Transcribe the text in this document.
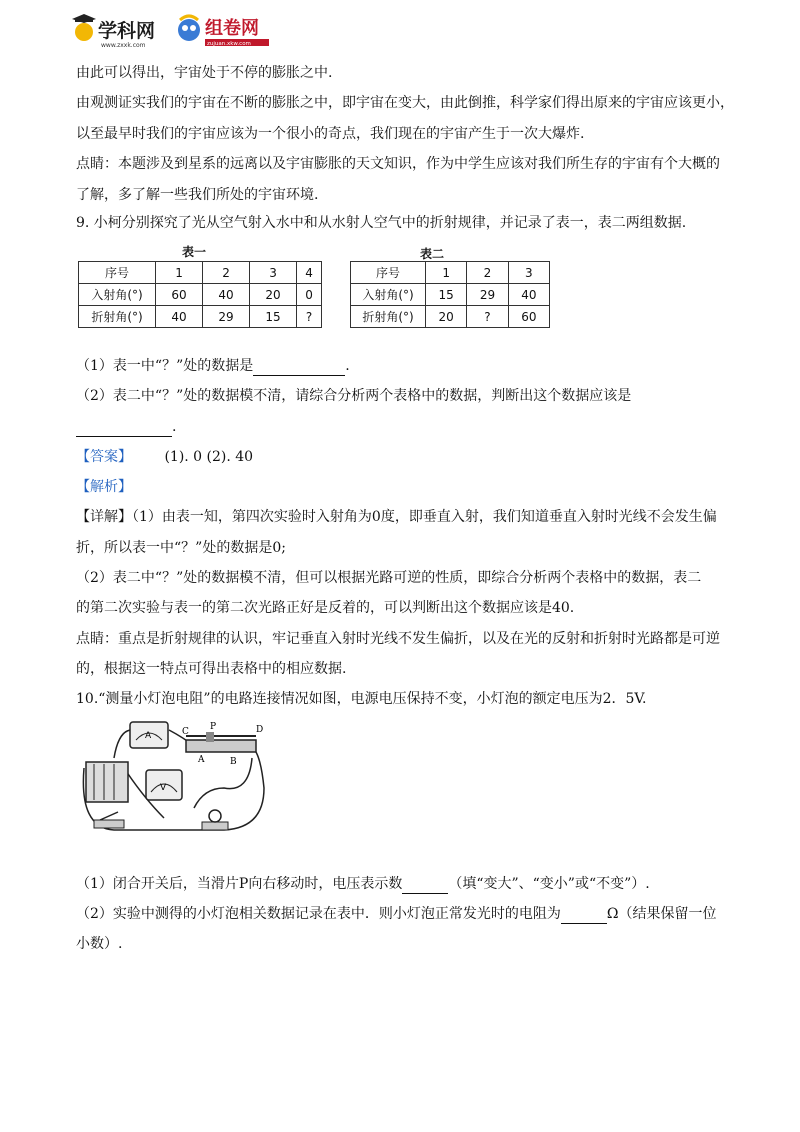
学科网
www.zxxk.com
组卷网
zujuan.xkw.com
由此可以得出，宇宙处于不停的膨胀之中.
由观测证实我们的宇宙在不断的膨胀之中，即宇宙在变大，由此倒推，科学家们得出原来的宇宙应该更小，
以至最早时我们的宇宙应该为一个很小的奇点，我们现在的宇宙产生于一次大爆炸.
点睛：本题涉及到星系的远离以及宇宙膨胀的天文知识，作为中学生应该对我们所生存的宇宙有个大概的
了解，多了解一些我们所处的宇宙环境.
9. 小柯分别探究了光从空气射入水中和从水射人空气中的折射规律，并记录了表一，表二两组数据.
表一
序号	1	2	3	4
入射角(°)	60	40	20	0
折射角(°)	40	29	15	?
表二
序号	1	2	3
入射角(°)	15	29	40
折射角(°)	20	?	60
（1）表一中“？”处的数据是	.
（2）表二中“？”处的数据模不清，请综合分析两个表格中的数据，判断出这个数据应该是
.
【答案】 (1). 0 (2). 40
【解析】
【详解】（1）由表一知，第四次实验时入射角为0度，即垂直入射，我们知道垂直入射时光线不会发生偏
折，所以表一中“？”处的数据是0;
（2）表二中“？”处的数据模不清，但可以根据光路可逆的性质，即综合分析两个表格中的数据，表二
的第二次实验与表一的第二次光路正好是反着的，可以判断出这个数据应该是40.
点睛：重点是折射规律的认识，牢记垂直入射时光线不发生偏折，以及在光的反射和折射时光路都是可逆
的，根据这一特点可得出表格中的相应数据.
10.“测量小灯泡电阻”的电路连接情况如图，电源电压保持不变，小灯泡的额定电压为2．5V.
A	C P	D
B
A
V
（1）闭合开关后，当滑片P向右移动时，电压表示数	（填“变大”、“变小”或“不变”）.
（2）实验中测得的小灯泡相关数据记录在表中．则小灯泡正常发光时的电阻为	Ω（结果保留一位
小数）.
